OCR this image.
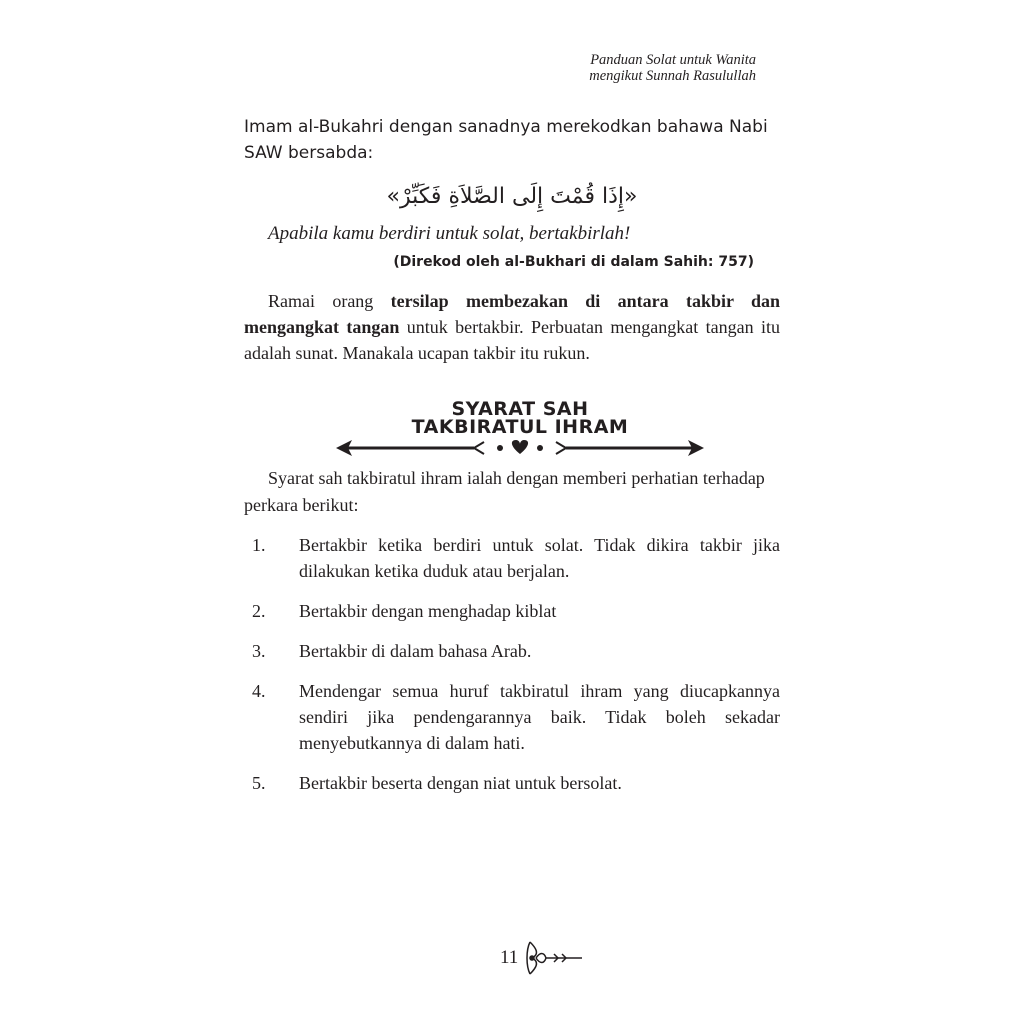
Panduan Solat untuk Wanita
mengikut Sunnah Rasulullah
Imam al-Bukahri dengan sanadnya merekodkan bahawa Nabi SAW bersabda:
«إِذَا قُمْتَ إِلَى الصَّلاَةِ فَكَبِّرْ»
Apabila kamu berdiri untuk solat, bertakbirlah!
(Direkod oleh al-Bukhari di dalam Sahih: 757)
Ramai orang tersilap membezakan di antara takbir dan mengangkat tangan untuk bertakbir. Perbuatan mengangkat tangan itu adalah sunat. Manakala ucapan takbir itu rukun.
SYARAT SAH
TAKBIRATUL IHRAM
Syarat sah takbiratul ihram ialah dengan memberi perhatian terhadap perkara berikut:
1.	Bertakbir ketika berdiri untuk solat. Tidak dikira takbir jika dilakukan ketika duduk atau berjalan.
2.	Bertakbir dengan menghadap kiblat
3.	Bertakbir di dalam bahasa Arab.
4.	Mendengar semua huruf takbiratul ihram yang diucapkannya sendiri jika pendengarannya baik. Tidak boleh sekadar menyebutkannya di dalam hati.
5.	Bertakbir beserta dengan niat untuk bersolat.
11
